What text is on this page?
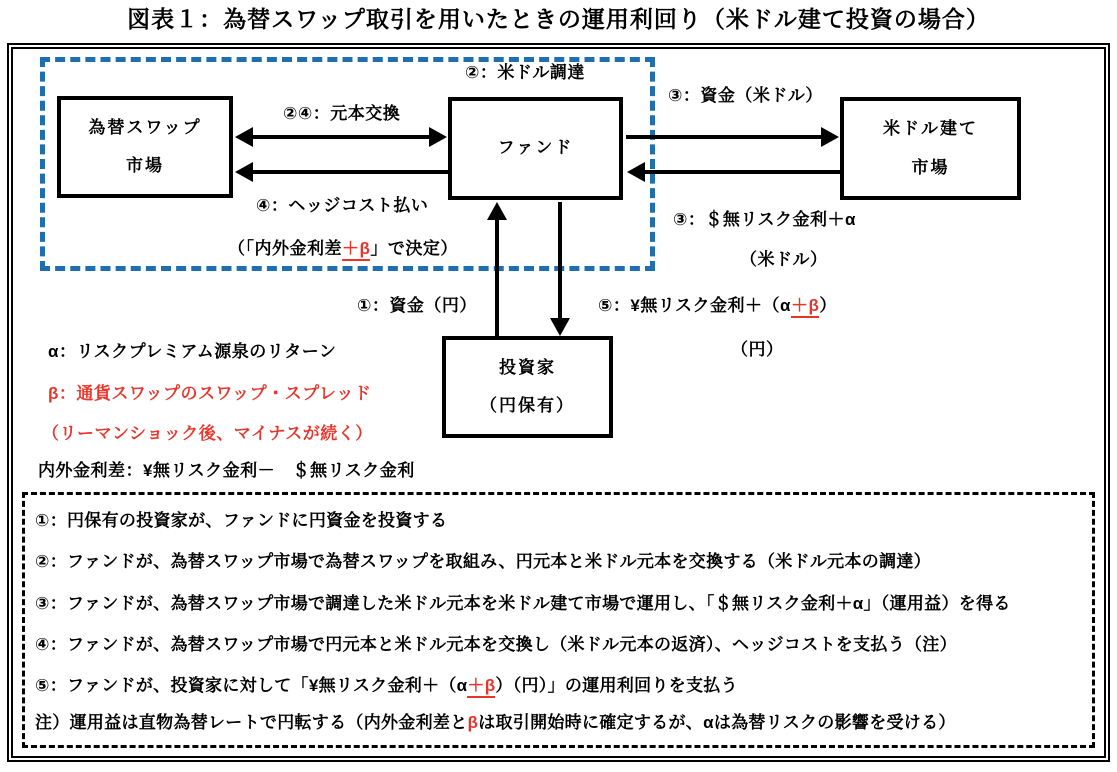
図表１：為替スワップ取引を用いたときの運用利回り（米ドル建て投資の場合）
為替スワップ
市場
ファンド
米ドル建て
市場
投資家
（円保有）
②：米ドル調達
②④：元本交換
④：ヘッジコスト払い
（「内外金利差＋β」で決定）
③：資金（米ドル）
③：＄無リスク金利＋α
（米ドル）
①：資金（円）	⑤：¥無リスク金利＋（α＋β）
（円）
α：リスクプレミアム源泉のリターン
β：通貨スワップのスワップ・スプレッド
（リーマンショック後、マイナスが続く）
内外金利差：¥無リスク金利－　＄無リスク金利
①：円保有の投資家が、ファンドに円資金を投資する
②：ファンドが、為替スワップ市場で為替スワップを取組み、円元本と米ドル元本を交換する（米ドル元本の調達）
③：ファンドが、為替スワップ市場で調達した米ドル元本を米ドル建て市場で運用し、「＄無リスク金利＋α」（運用益）を得る
④：ファンドが、為替スワップ市場で円元本と米ドル元本を交換し（米ドル元本の返済）、ヘッジコストを支払う（注）
⑤：ファンドが、投資家に対して「¥無リスク金利＋（α＋β）（円）」の運用利回りを支払う
注）運用益は直物為替レートで円転する（内外金利差とβは取引開始時に確定するが、αは為替リスクの影響を受ける）
